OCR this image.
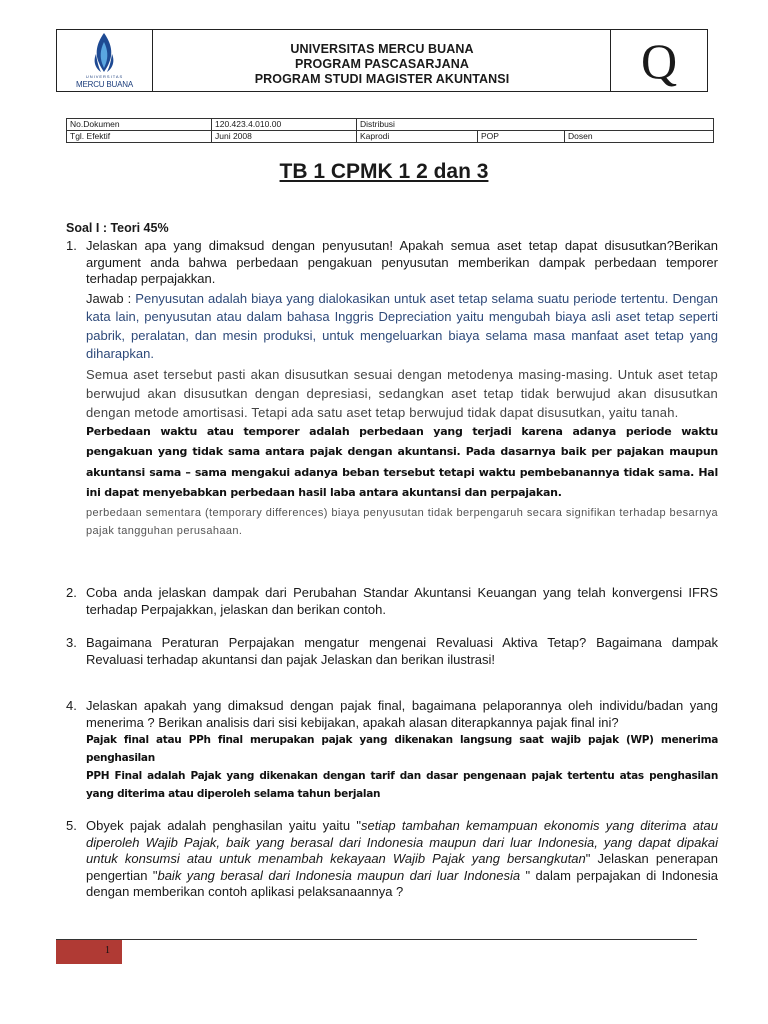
UNIVERSITAS
MERCU BUANA
UNIVERSITAS MERCU BUANA
PROGRAM PASCASARJANA
PROGRAM STUDI MAGISTER AKUNTANSI	Q
No.Dokumen	120.423.4.010.00	Distribusi		
Tgl. Efektif	Juni 2008	Kaprodi	POP	Dosen
TB 1 CPMK 1 2 dan 3
Soal I : Teori 45%
1. Jelaskan apa yang dimaksud dengan penyusutan! Apakah semua aset tetap dapat disusutkan?Berikan argument anda bahwa perbedaan pengakuan penyusutan memberikan dampak perbedaan temporer terhadap perpajakkan.
Jawab : Penyusutan adalah biaya yang dialokasikan untuk aset tetap selama suatu periode tertentu. Dengan kata lain, penyusutan atau dalam bahasa Inggris Depreciation yaitu mengubah biaya asli aset tetap seperti pabrik, peralatan, dan mesin produksi, untuk mengeluarkan biaya selama masa manfaat aset tetap yang diharapkan.
Semua aset tersebut pasti akan disusutkan sesuai dengan metodenya masing-masing. Untuk aset tetap berwujud akan disusutkan dengan depresiasi, sedangkan aset tetap tidak berwujud akan disusutkan dengan metode amortisasi. Tetapi ada satu aset tetap berwujud tidak dapat disusutkan, yaitu tanah.
Perbedaan waktu atau temporer adalah perbedaan yang terjadi karena adanya periode waktu pengakuan yang tidak sama antara pajak dengan akuntansi. Pada dasarnya baik per pajakan maupun akuntansi sama – sama mengakui adanya beban tersebut tetapi waktu pembebanannya tidak sama. Hal ini dapat menyebabkan perbedaan hasil laba antara akuntansi dan perpajakan.
perbedaan sementara (temporary differences) biaya penyusutan tidak berpengaruh secara signifikan terhadap besarnya pajak tangguhan perusahaan.
2. Coba anda jelaskan dampak dari Perubahan Standar Akuntansi Keuangan yang telah konvergensi IFRS terhadap Perpajakkan, jelaskan dan berikan contoh.
3. Bagaimana Peraturan Perpajakan mengatur mengenai Revaluasi Aktiva Tetap? Bagaimana dampak Revaluasi terhadap akuntansi dan pajak Jelaskan dan berikan ilustrasi!
4. Jelaskan apakah yang dimaksud dengan pajak final, bagaimana pelaporannya oleh individu/badan yang menerima ? Berikan analisis dari sisi kebijakan, apakah alasan diterapkannya pajak final ini?
Pajak final atau PPh final merupakan pajak yang dikenakan langsung saat wajib pajak (WP) menerima penghasilan
PPH Final adalah Pajak yang dikenakan dengan tarif dan dasar pengenaan pajak tertentu atas penghasilan yang diterima atau diperoleh selama tahun berjalan
5. Obyek pajak adalah penghasilan yaitu yaitu "setiap tambahan kemampuan ekonomis yang diterima atau diperoleh Wajib Pajak, baik yang berasal dari Indonesia maupun dari luar Indonesia, yang dapat dipakai untuk konsumsi atau untuk menambah kekayaan Wajib Pajak yang bersangkutan" Jelaskan penerapan pengertian "baik yang berasal dari Indonesia maupun dari luar Indonesia " dalam perpajakan di Indonesia dengan memberikan contoh aplikasi pelaksanaannya ?
1
